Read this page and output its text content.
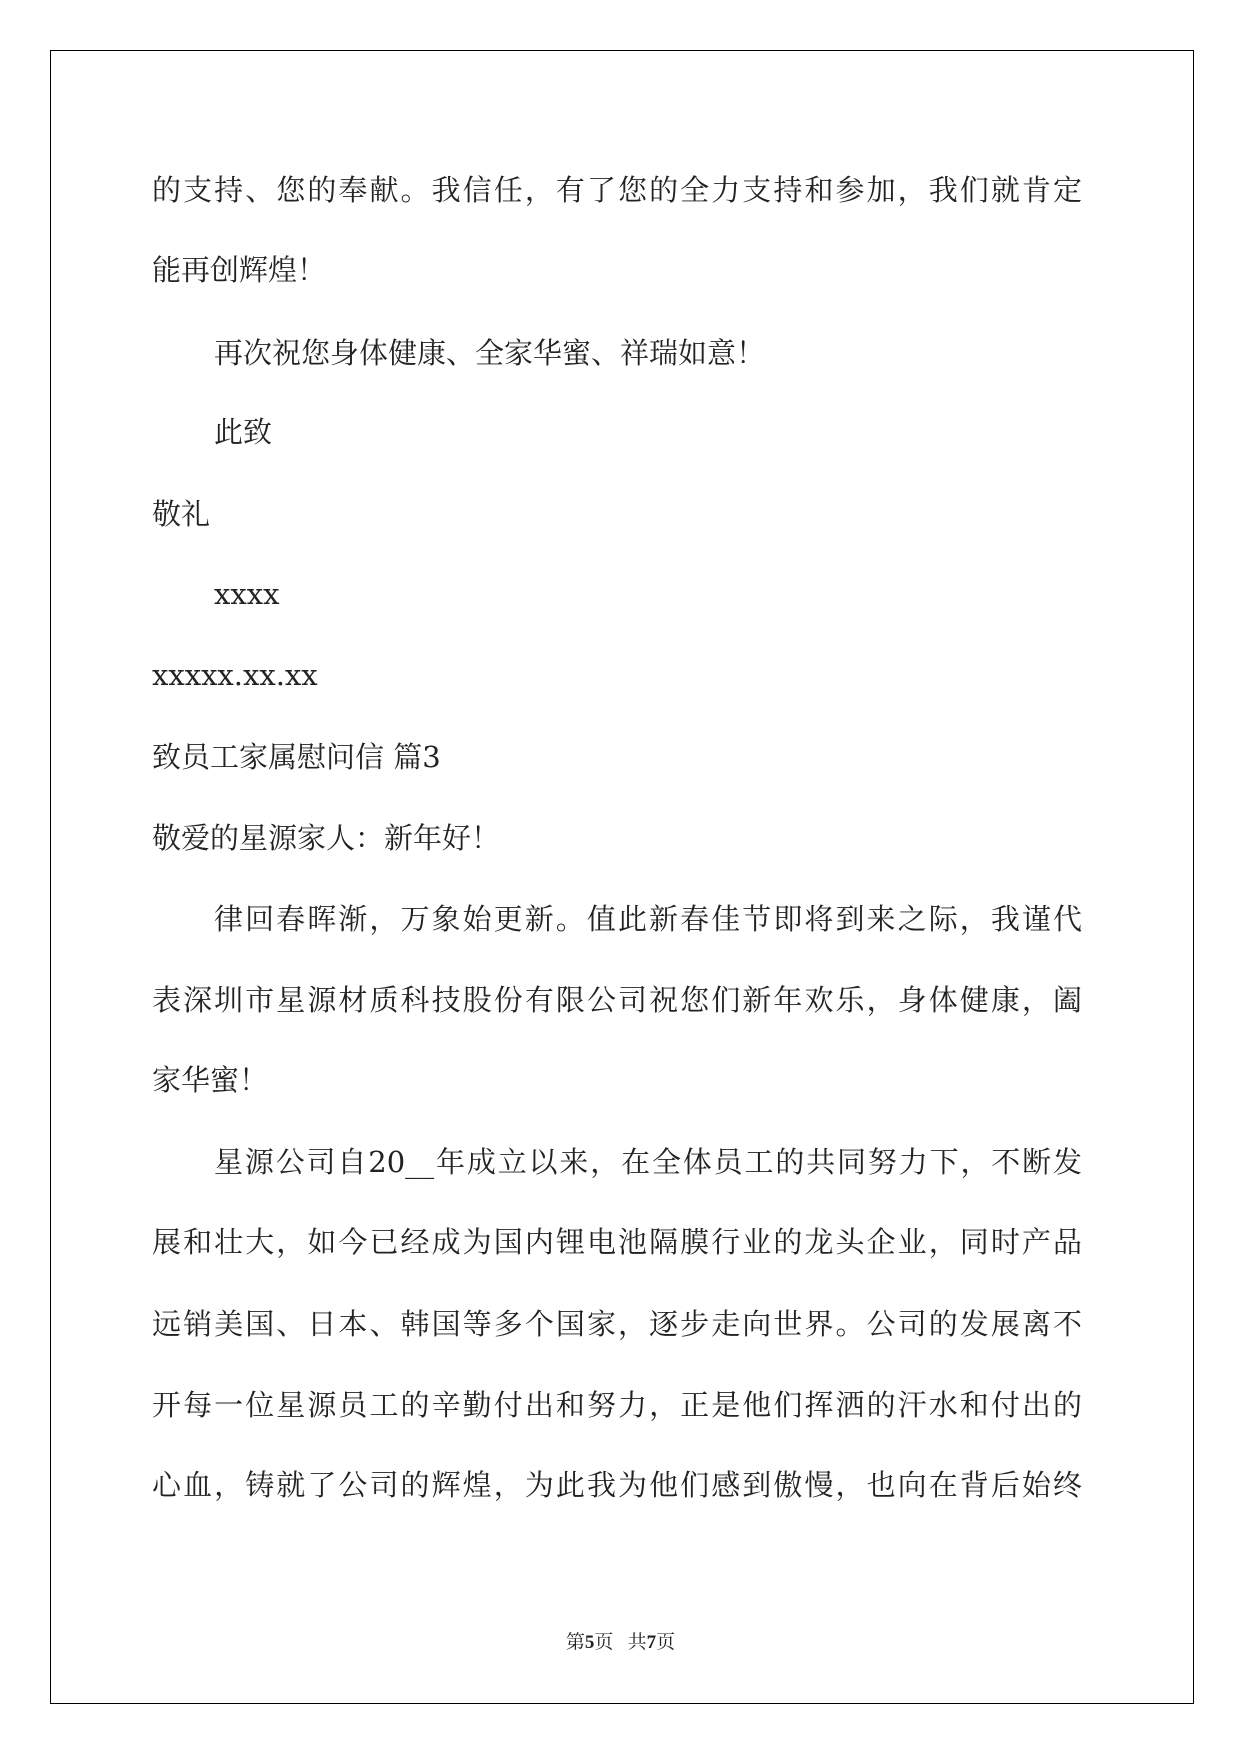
的支持、您的奉献。我信任，有了您的全力支持和参加，我们就肯定

能再创辉煌！

再次祝您身体健康、全家华蜜、祥瑞如意！

此致

敬礼

xxxx

xxxxx.xx.xx

致员工家属慰问信 篇3

敬爱的星源家人：新年好！

律回春晖渐，万象始更新。值此新春佳节即将到来之际，我谨代

表深圳市星源材质科技股份有限公司祝您们新年欢乐，身体健康，阖

家华蜜！

星源公司自20__年成立以来，在全体员工的共同努力下，不断发

展和壮大，如今已经成为国内锂电池隔膜行业的龙头企业，同时产品

远销美国、日本、韩国等多个国家，逐步走向世界。公司的发展离不

开每一位星源员工的辛勤付出和努力，正是他们挥洒的汗水和付出的

心血，铸就了公司的辉煌，为此我为他们感到傲慢，也向在背后始终

第5页 共7页
